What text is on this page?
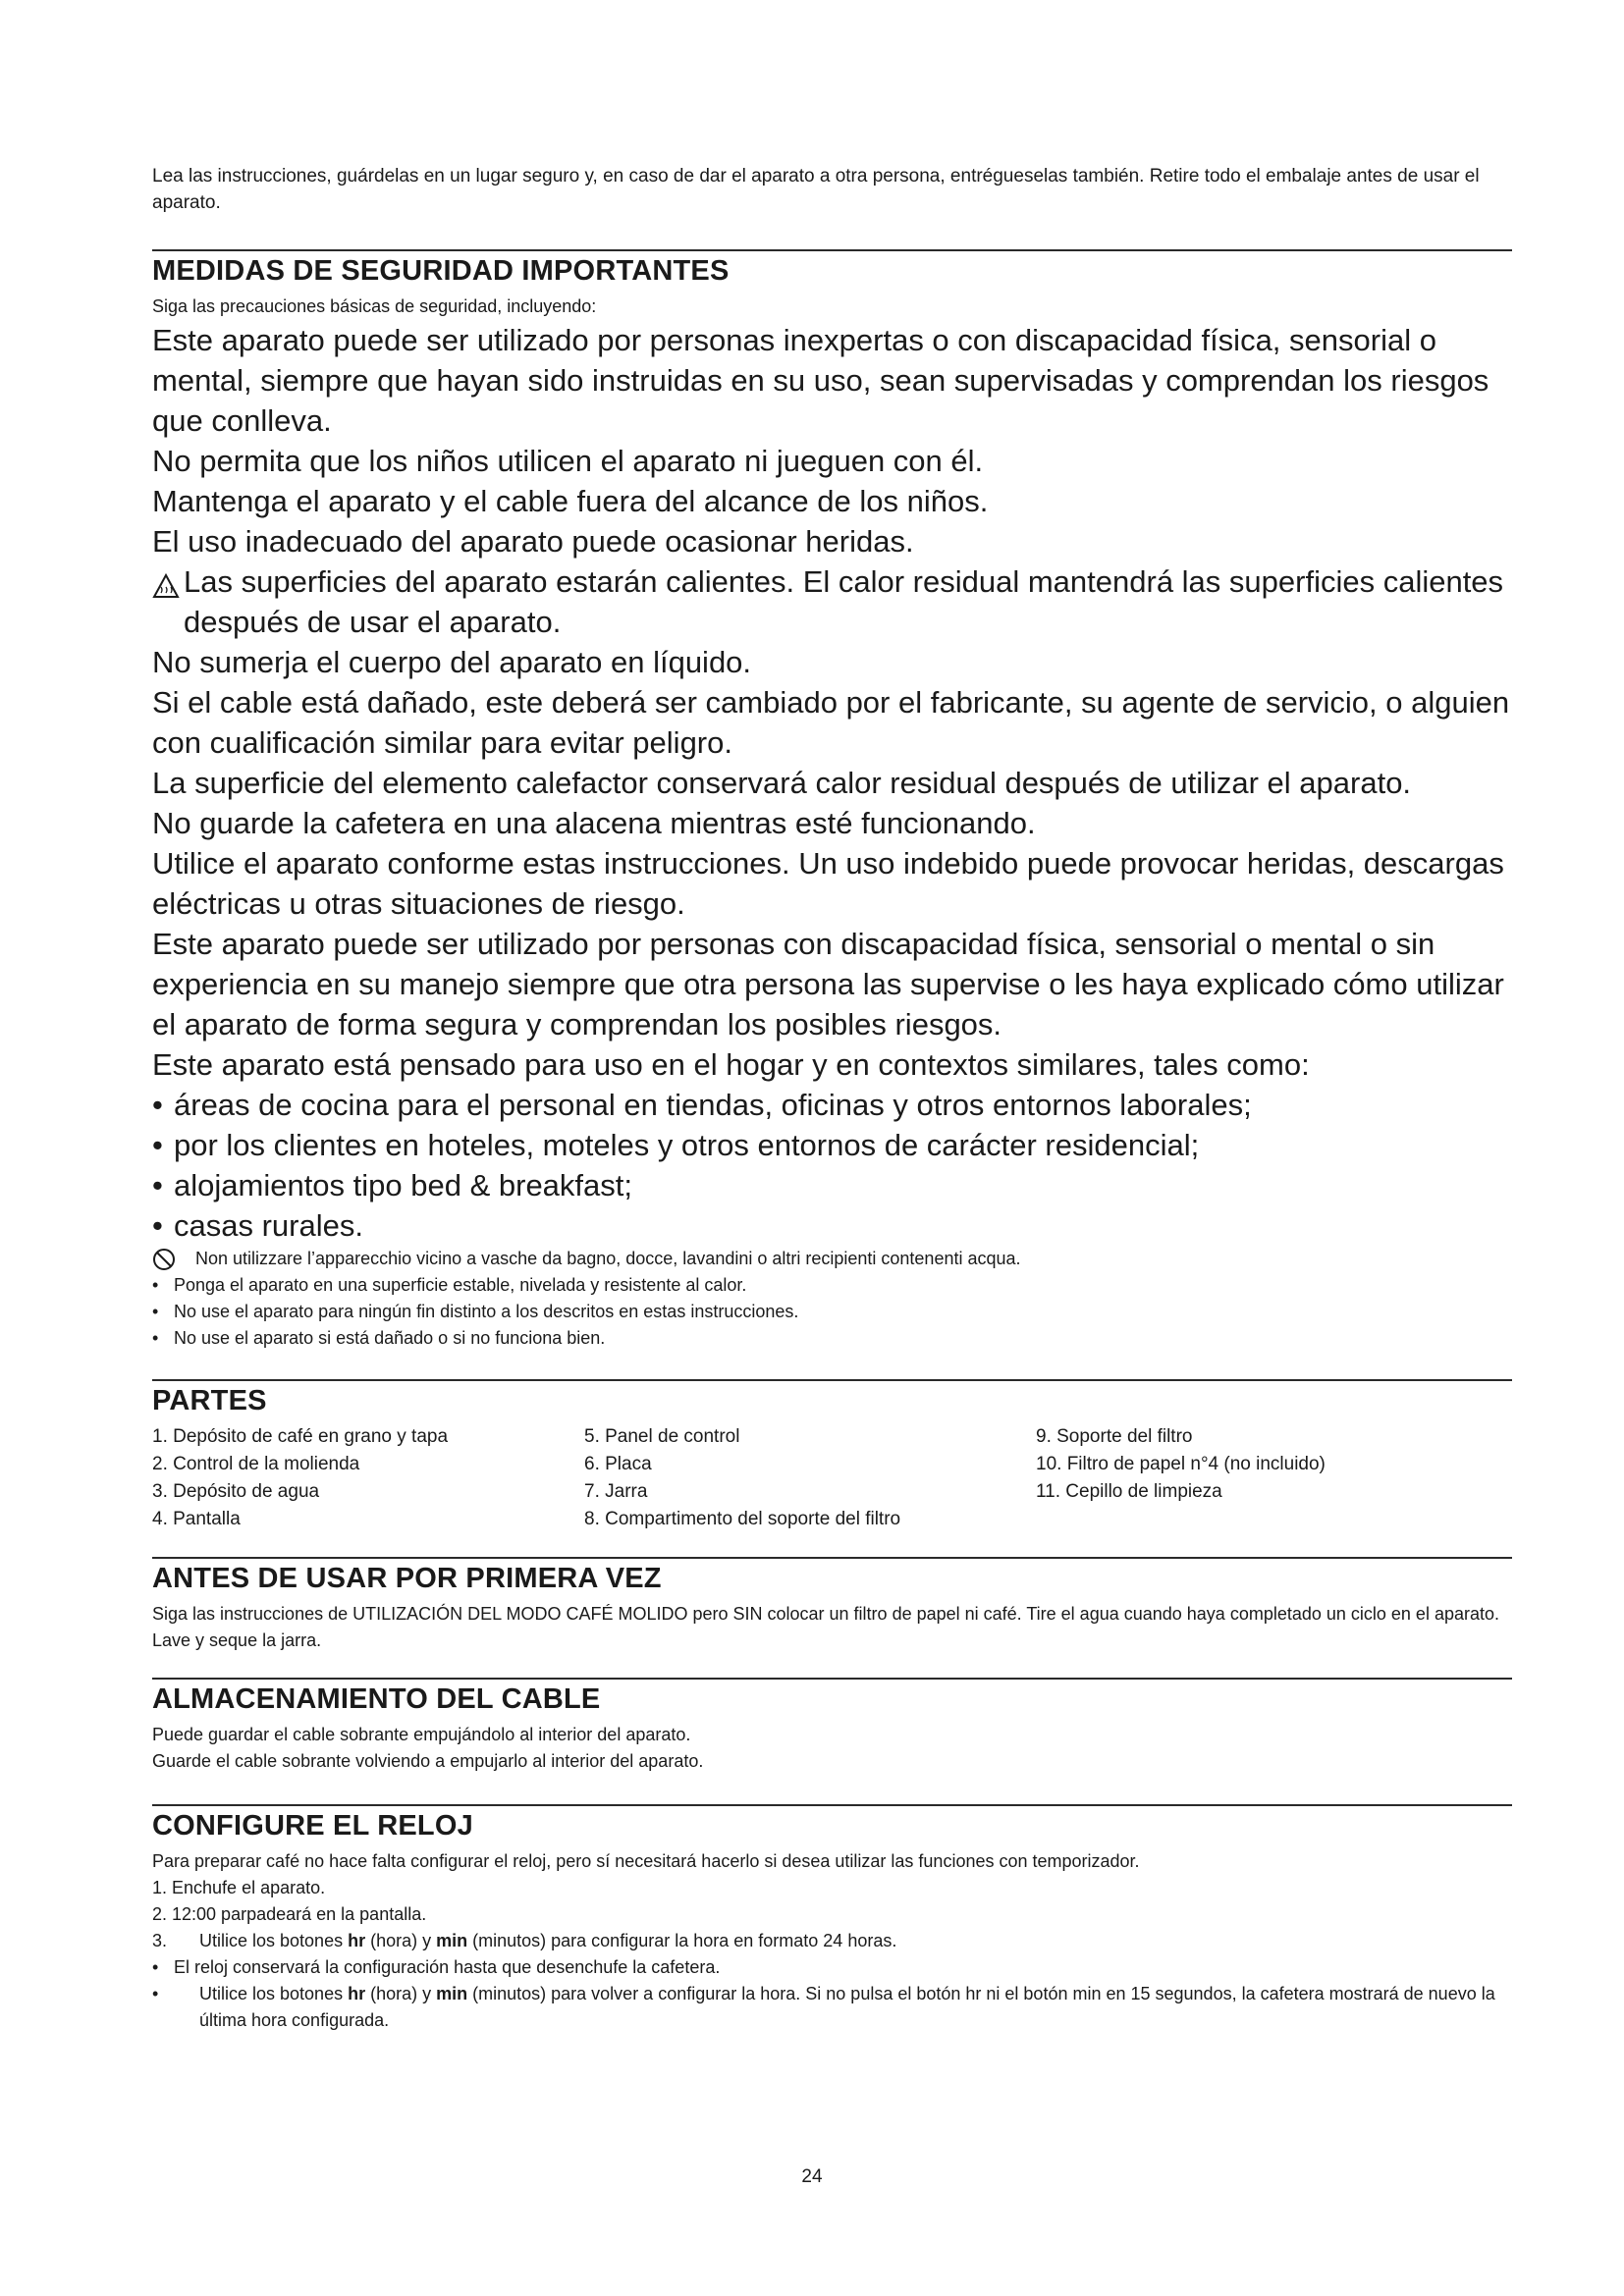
Lea las instrucciones, guárdelas en un lugar seguro y, en caso de dar el aparato a otra persona, entrégueselas también. Retire todo el embalaje antes de usar el aparato.

MEDIDAS DE SEGURIDAD IMPORTANTES

Siga las precauciones básicas de seguridad, incluyendo:

Este aparato puede ser utilizado por personas inexpertas o con discapacidad física, sensorial o mental, siempre que hayan sido instruidas en su uso, sean supervisadas y comprendan los riesgos que conlleva.

No permita que los niños utilicen el aparato ni jueguen con él.

Mantenga el aparato y el cable fuera del alcance de los niños.

El uso inadecuado del aparato puede ocasionar heridas.

Las superficies del aparato estarán calientes. El calor residual mantendrá las superficies calientes después de usar el aparato.

No sumerja el cuerpo del aparato en líquido.

Si el cable está dañado, este deberá ser cambiado por el fabricante, su agente de servicio, o alguien con cualificación similar para evitar peligro.

La superficie del elemento calefactor conservará calor residual después de utilizar el aparato.

No guarde la cafetera en una alacena mientras esté funcionando.

Utilice el aparato conforme estas instrucciones. Un uso indebido puede provocar heridas, descargas eléctricas u otras situaciones de riesgo.

Este aparato puede ser utilizado por personas con discapacidad física, sensorial o mental o sin experiencia en su manejo siempre que otra persona las supervise o les haya explicado cómo utilizar el aparato de forma segura y comprendan los posibles riesgos.

Este aparato está pensado para uso en el hogar y en contextos similares, tales como:

• áreas de cocina para el personal en tiendas, oficinas y otros entornos laborales;

• por los clientes en hoteles, moteles y otros entornos de carácter residencial;

• alojamientos tipo bed & breakfast;

• casas rurales.

Non utilizzare l’apparecchio vicino a vasche da bagno, docce, lavandini o altri recipienti contenenti acqua.

• Ponga el aparato en una superficie estable, nivelada y resistente al calor.

• No use el aparato para ningún fin distinto a los descritos en estas instrucciones.

• No use el aparato si está dañado o si no funciona bien.

PARTES
1. Depósito de café en grano y tapa
2. Control de la molienda
3. Depósito de agua
4. Pantalla
5. Panel de control
6. Placa
7. Jarra
8. Compartimento del soporte del filtro
9. Soporte del filtro
10. Filtro de papel n°4 (no incluido)
11. Cepillo de limpieza
ANTES DE USAR POR PRIMERA VEZ

Siga las instrucciones de UTILIZACIÓN DEL MODO CAFÉ MOLIDO pero SIN colocar un filtro de papel ni café. Tire el agua cuando haya completado un ciclo en el aparato. Lave y seque la jarra.

ALMACENAMIENTO DEL CABLE

Puede guardar el cable sobrante empujándolo al interior del aparato.

Guarde el cable sobrante volviendo a empujarlo al interior del aparato.

CONFIGURE EL RELOJ

Para preparar café no hace falta configurar el reloj, pero sí necesitará hacerlo si desea utilizar las funciones con temporizador.

1. Enchufe el aparato.

2. 12:00 parpadeará en la pantalla.

3. Utilice los botones hr (hora) y min (minutos) para configurar la hora en formato 24 horas.

• El reloj conservará la configuración hasta que desenchufe la cafetera.

• Utilice los botones hr (hora) y min (minutos) para volver a configurar la hora. Si no pulsa el botón hr ni el botón min en 15 segundos, la cafetera mostrará de nuevo la última hora configurada.

24
